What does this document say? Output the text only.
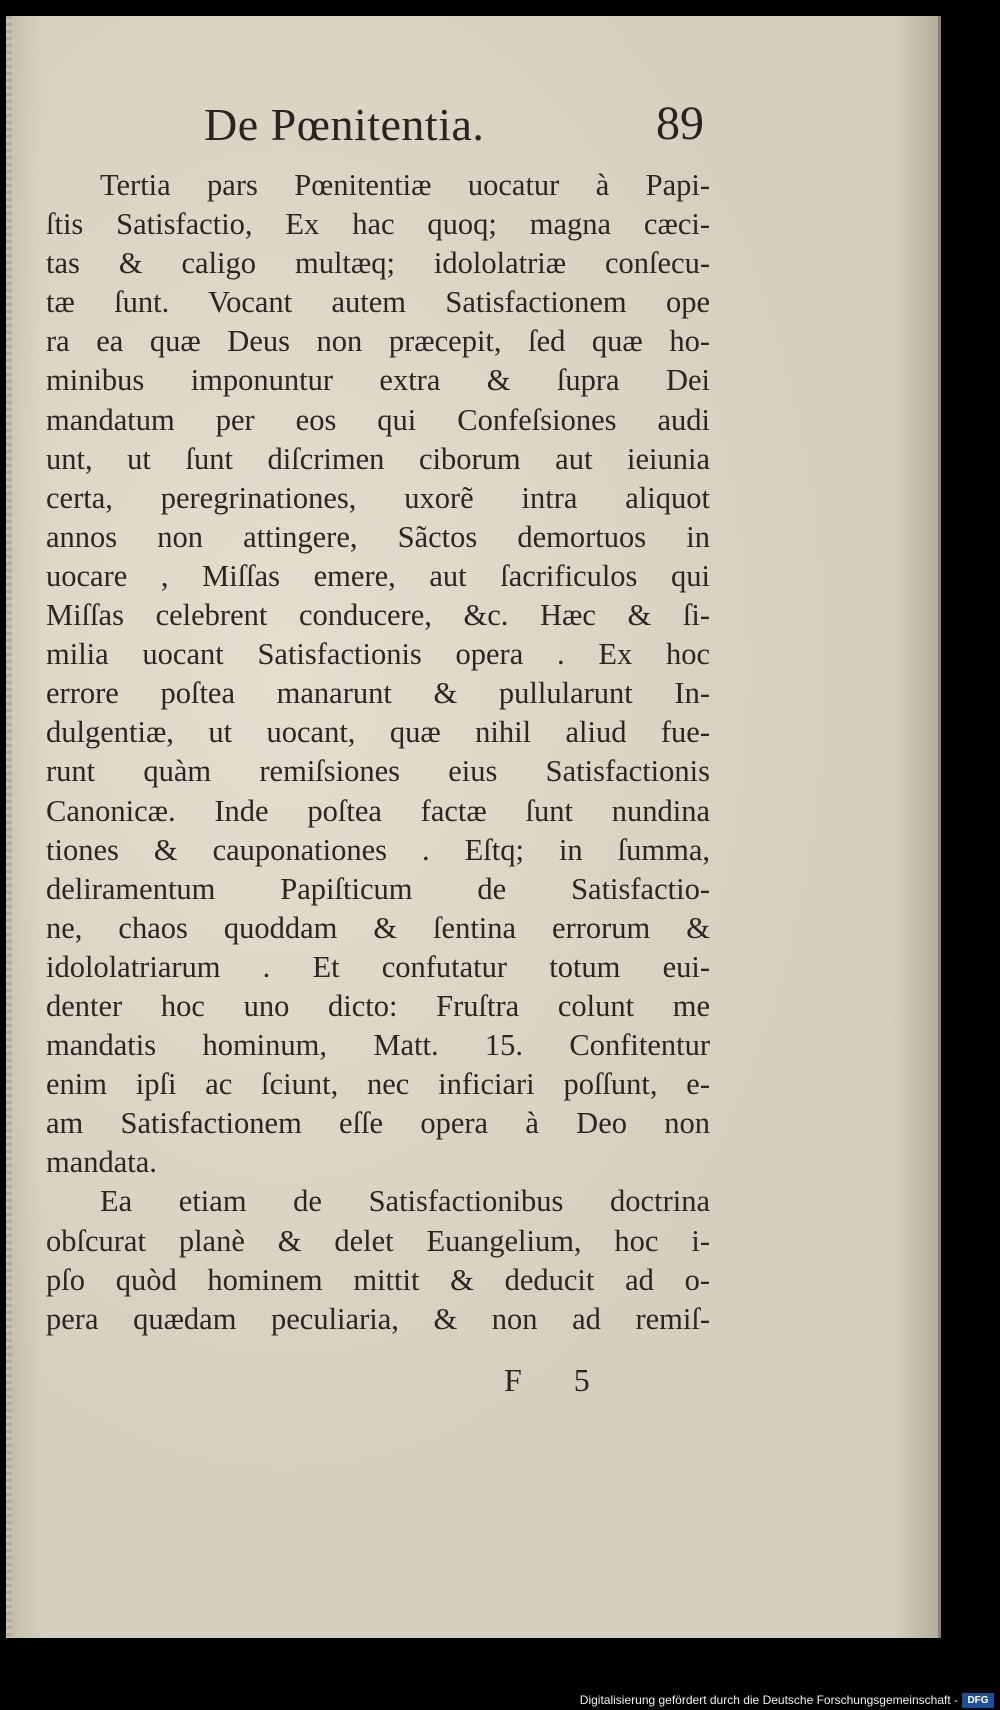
De Pœnitentia.	89
Tertia pars Pœnitentiæ uocatur à Papi-
ſtis Satisfactio, Ex hac quoq; magna cæci-
tas & caligo multæq; idololatriæ conſecu-
tæ ſunt. Vocant autem Satisfactionem ope
ra ea quæ Deus non præcepit, ſed quæ ho-
minibus imponuntur extra & ſupra Dei
mandatum per eos qui Confeſsiones audi
unt, ut ſunt diſcrimen ciborum aut ieiunia
certa, peregrinationes, uxorẽ intra aliquot
annos non attingere, Sãctos demortuos in
uocare , Miſſas emere, aut ſacrificulos qui
Miſſas celebrent conducere, &c. Hæc & ſi-
milia uocant Satisfactionis opera . Ex hoc
errore poſtea manarunt & pullularunt In-
dulgentiæ, ut uocant, quæ nihil aliud fue-
runt quàm remiſsiones eius Satisfactionis
Canonicæ. Inde poſtea factæ ſunt nundina
tiones & cauponationes . Eſtq; in ſumma,
deliramentum Papiſticum de Satisfactio-
ne, chaos quoddam & ſentina errorum &
idololatriarum . Et confutatur totum eui-
denter hoc uno dicto: Fruſtra colunt me
mandatis hominum, Matt. 15. Confitentur
enim ipſi ac ſciunt, nec inficiari poſſunt, e-
am Satisfactionem eſſe opera à Deo non
mandata.
Ea etiam de Satisfactionibus doctrina
obſcurat planè & delet Euangelium, hoc i-
pſo quòd hominem mittit & deducit ad o-
pera quædam peculiaria, & non ad remiſ-
F 5
Digitalisierung gefördert durch die Deutsche Forschungsgemeinschaft - DFG
